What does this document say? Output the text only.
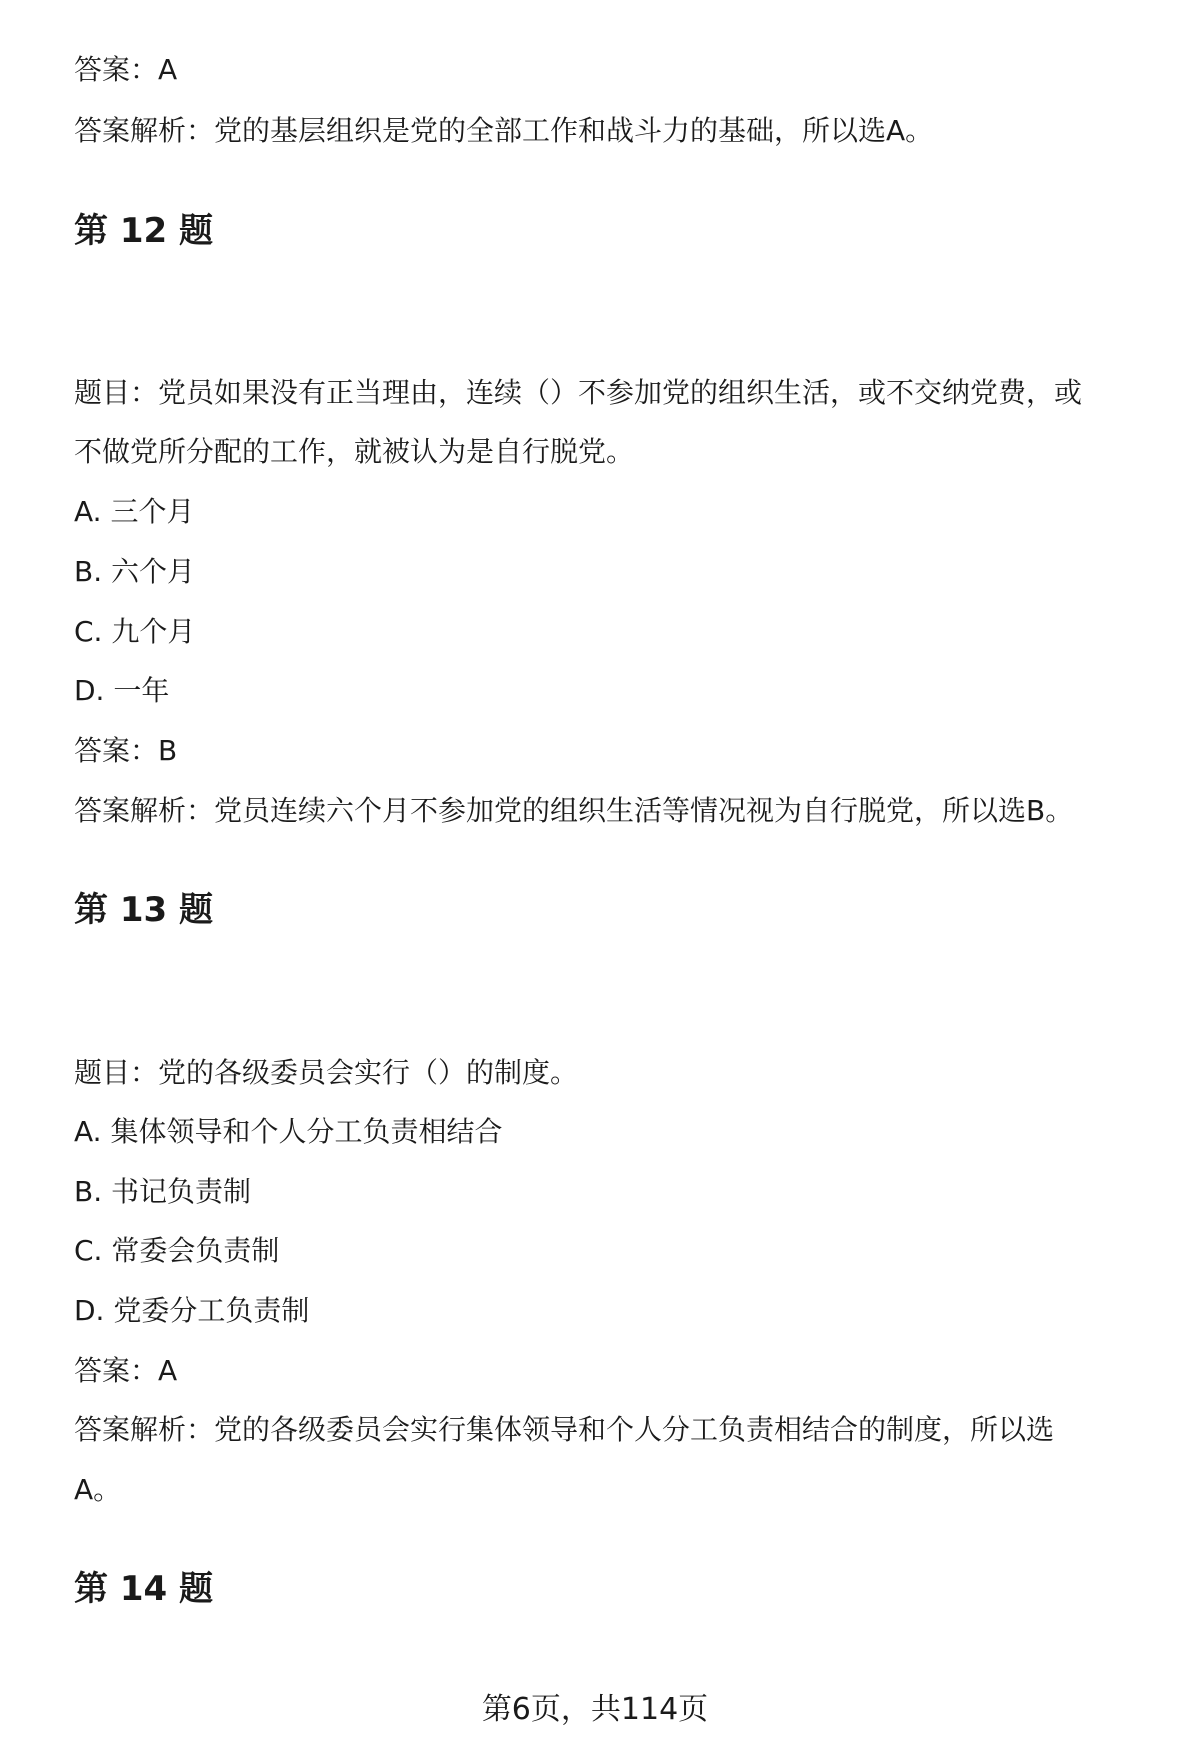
答案：A
答案解析：党的基层组织是党的全部工作和战斗力的基础，所以选A。
第 12 题
题目：党员如果没有正当理由，连续（）不参加党的组织生活，或不交纳党费，或
不做党所分配的工作，就被认为是自行脱党。
A. 三个月
B. 六个月
C. 九个月
D. 一年
答案：B
答案解析：党员连续六个月不参加党的组织生活等情况视为自行脱党，所以选B。
第 13 题
题目：党的各级委员会实行（）的制度。
A. 集体领导和个人分工负责相结合
B. 书记负责制
C. 常委会负责制
D. 党委分工负责制
答案：A
答案解析：党的各级委员会实行集体领导和个人分工负责相结合的制度，所以选
A。
第 14 题
第6页，共114页
